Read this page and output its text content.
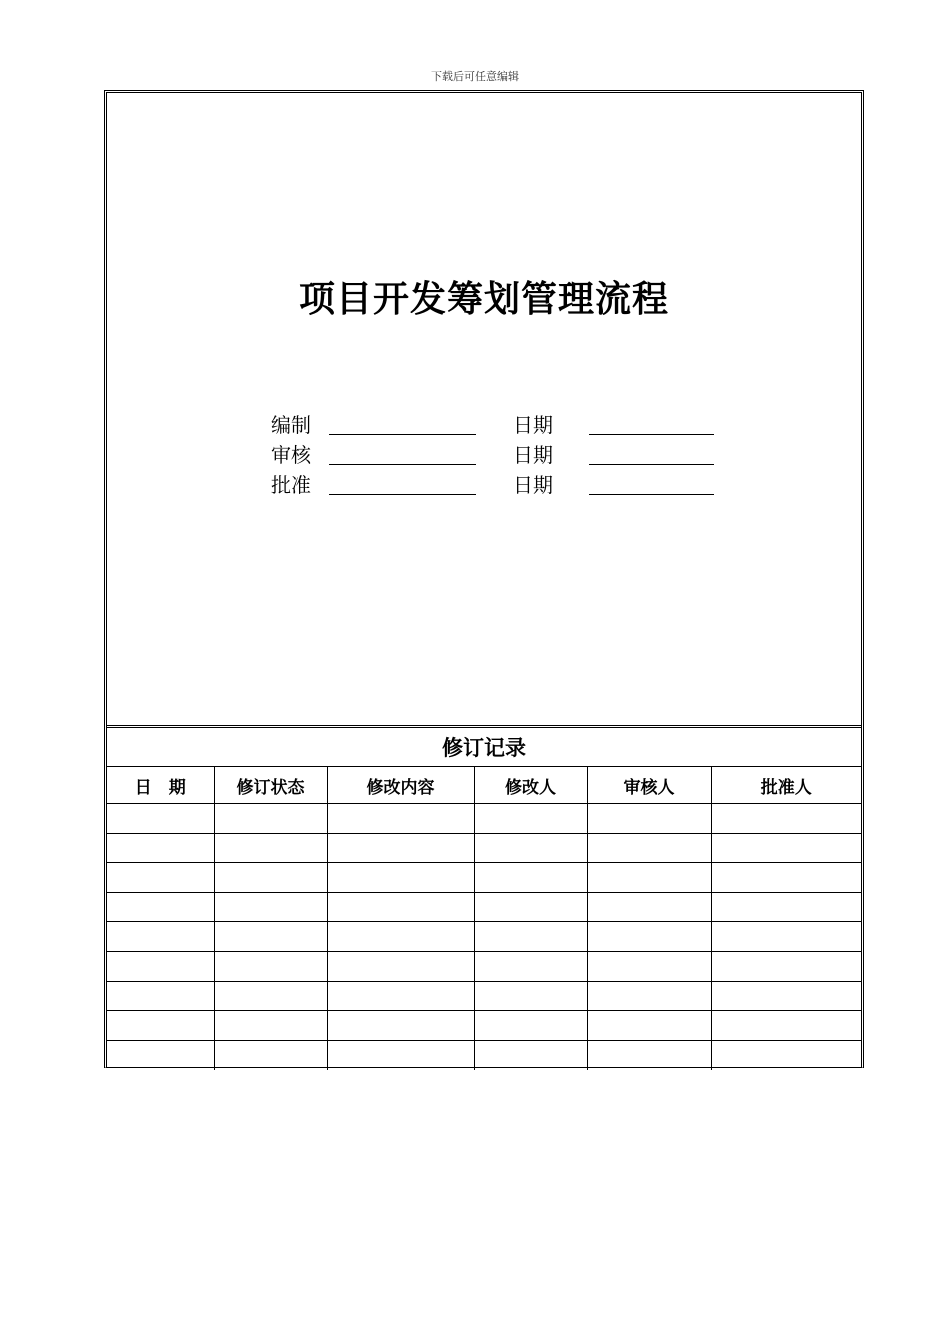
下载后可任意编辑
项目开发筹划管理流程
编制	日期
审核	日期
批准	日期
修订记录
日　期	修订状态	修改内容	修改人	审核人	批准人
